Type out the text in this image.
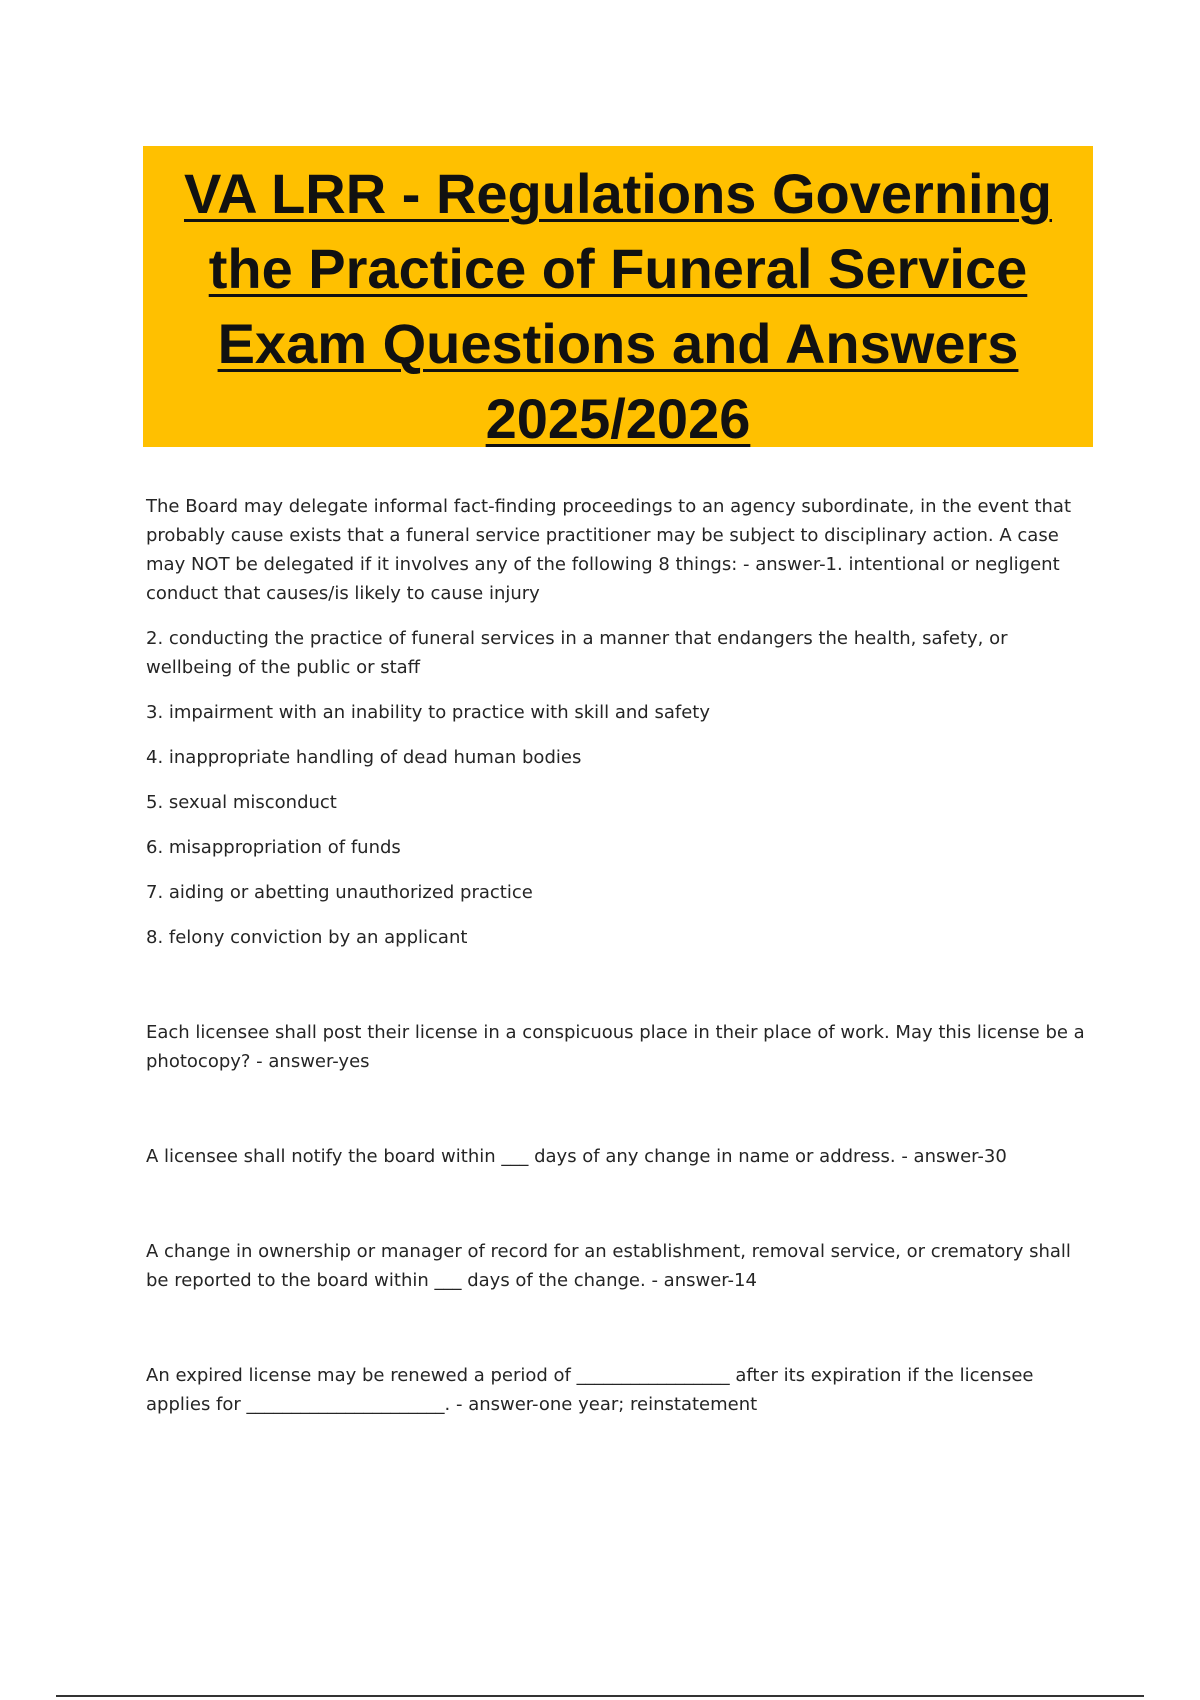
VA LRR - Regulations Governing
the Practice of Funeral Service
Exam Questions and Answers
2025/2026

The Board may delegate informal fact-finding proceedings to an agency subordinate, in the event that probably cause exists that a funeral service practitioner may be subject to disciplinary action. A case may NOT be delegated if it involves any of the following 8 things: - answer-1. intentional or negligent conduct that causes/is likely to cause injury

2. conducting the practice of funeral services in a manner that endangers the health, safety, or wellbeing of the public or staff

3. impairment with an inability to practice with skill and safety

4. inappropriate handling of dead human bodies

5. sexual misconduct

6. misappropriation of funds

7. aiding or abetting unauthorized practice

8. felony conviction by an applicant

Each licensee shall post their license in a conspicuous place in their place of work. May this license be a photocopy? - answer-yes

A licensee shall notify the board within ___ days of any change in name or address. - answer-30

A change in ownership or manager of record for an establishment, removal service, or crematory shall be reported to the board within ___ days of the change. - answer-14

An expired license may be renewed a period of _________________ after its expiration if the licensee applies for ______________________. - answer-one year; reinstatement
